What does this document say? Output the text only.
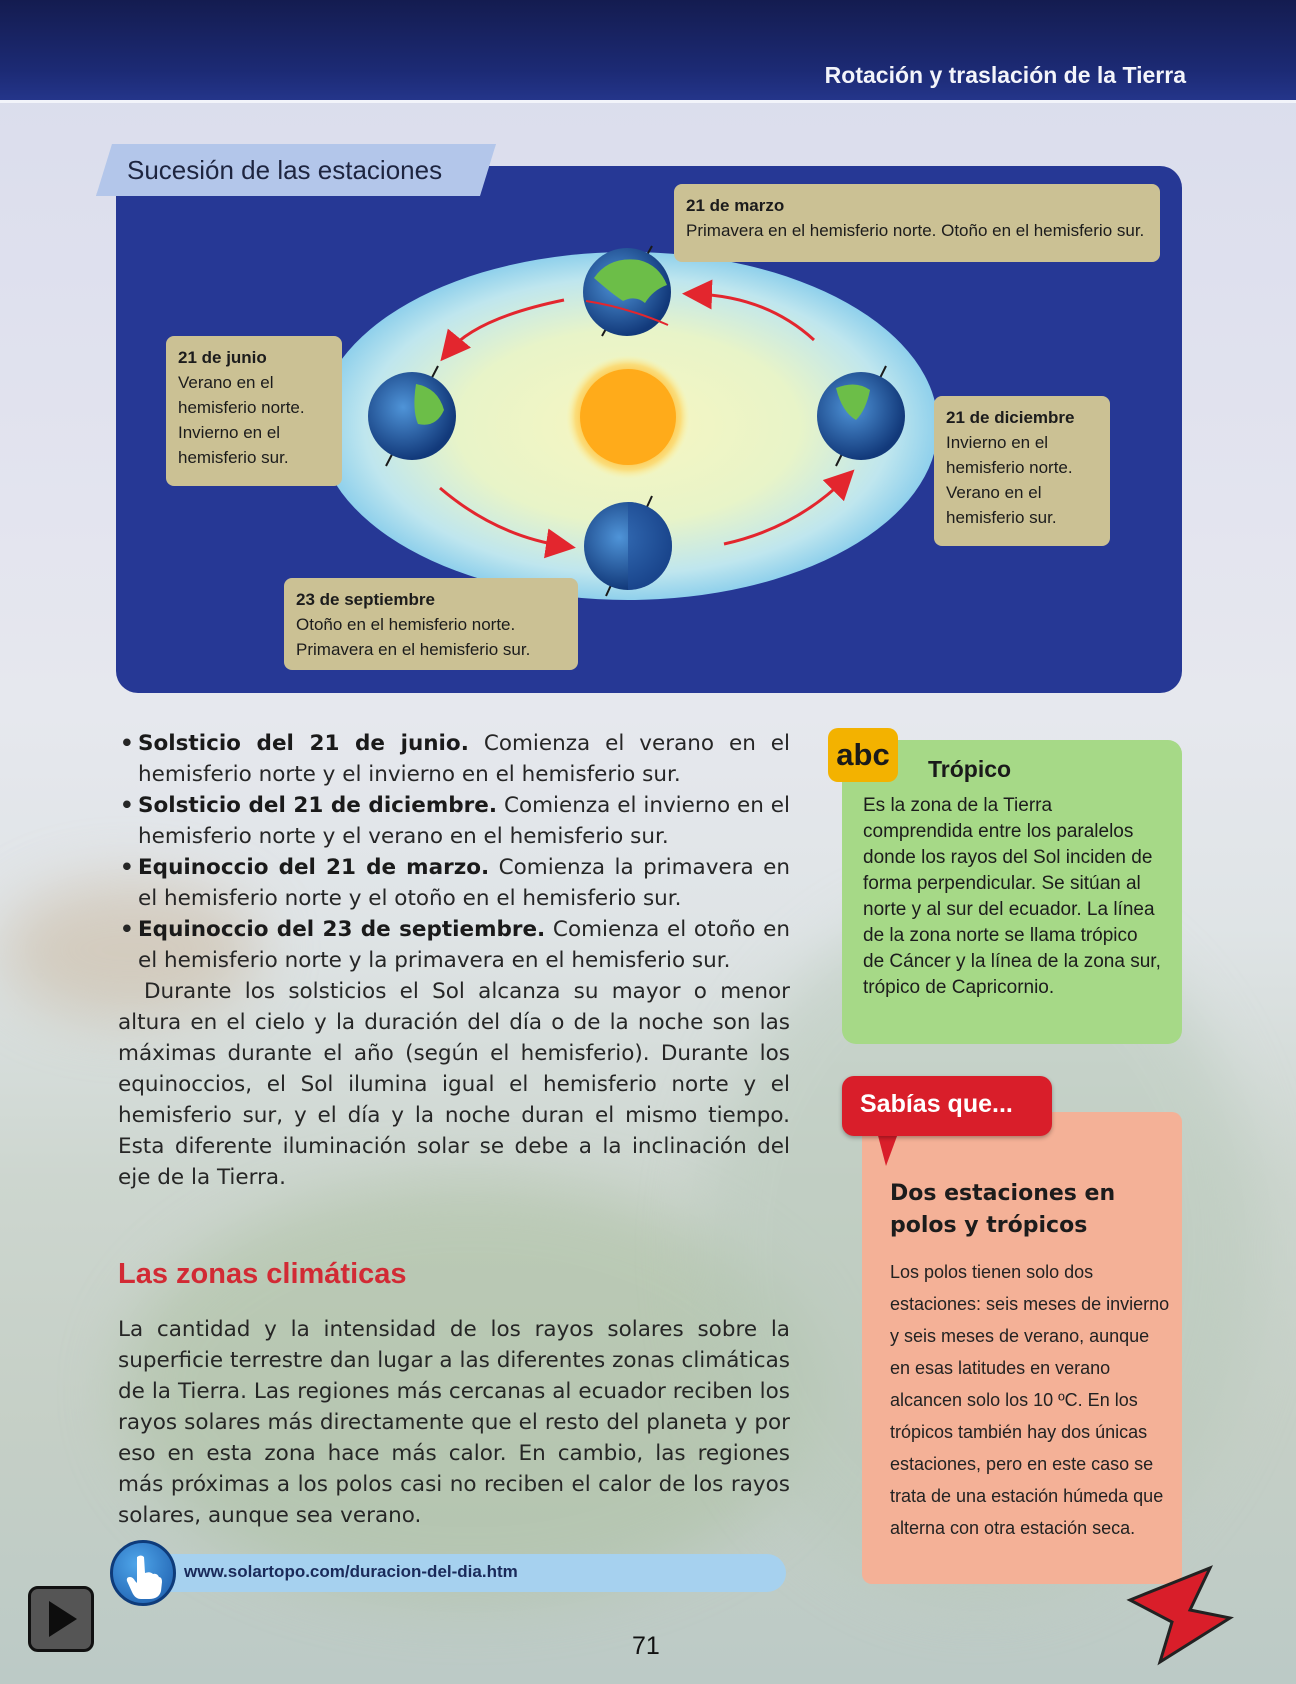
Rotación y traslación de la Tierra
Sucesión de las estaciones
21 de marzo
Primavera en el hemisferio norte. Otoño en el hemisferio sur.
21 de junio
Verano en el hemisferio norte. Invierno en el hemisferio sur.
21 de diciembre
Invierno en el hemisferio norte. Verano en el hemisferio sur.
23 de septiembre
Otoño en el hemisferio norte. Primavera en el hemisferio sur.
• Solsticio del 21 de junio. Comienza el verano en el hemisferio norte y el invierno en el hemisferio sur.
• Solsticio del 21 de diciembre. Comienza el invierno en el hemisferio norte y el verano en el hemisferio sur.
• Equinoccio del 21 de marzo. Comienza la primavera en el hemisferio norte y el otoño en el hemisferio sur.
• Equinoccio del 23 de septiembre. Comienza el otoño en el hemisferio norte y la primavera en el hemisferio sur.

Durante los solsticios el Sol alcanza su mayor o menor altura en el cielo y la duración del día o de la noche son las máximas durante el año (según el hemisferio). Durante los equinoccios, el Sol ilumina igual el hemisferio norte y el hemisferio sur, y el día y la noche duran el mismo tiempo. Esta diferente iluminación solar se debe a la inclinación del eje de la Tierra.

Las zonas climáticas

La cantidad y la intensidad de los rayos solares sobre la superficie terrestre dan lugar a las diferentes zonas climáticas de la Tierra. Las regiones más cercanas al ecuador reciben los rayos solares más directamente que el resto del planeta y por eso en esta zona hace más calor. En cambio, las regiones más próximas a los polos casi no reciben el calor de los rayos solares, aunque sea verano.

www.solartopo.com/duracion-del-dia.htm
abc	Trópico

Es la zona de la Tierra comprendida entre los paralelos donde los rayos del Sol inciden de forma perpendicular. Se sitúan al norte y al sur del ecuador. La línea de la zona norte se llama trópico de Cáncer y la línea de la zona sur, trópico de Capricornio.

Sabías que...
Dos estaciones en polos y trópicos

Los polos tienen solo dos estaciones: seis meses de invierno y seis meses de verano, aunque en esas latitudes en verano alcancen solo los 10 ºC. En los trópicos también hay dos únicas estaciones, pero en este caso se trata de una estación húmeda que alterna con otra estación seca.

71
